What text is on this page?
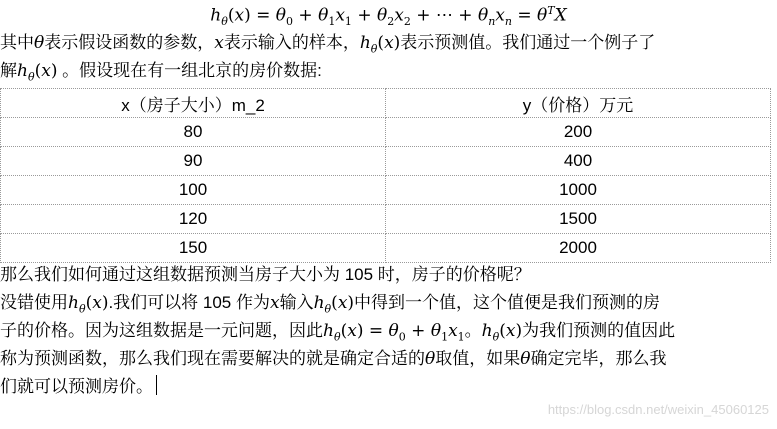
$h_\theta(x) = \theta_0 + \theta_1x_1 + \theta_2x_2$ + ⋯ + $\theta_nx_n = \theta^TX$
其中θ表示假设函数的参数，x表示输入的样本，$h_\theta(x)$表示预测值。我们通过一个例子了
解$h_\theta(x)$ 。假设现在有一组北京的房价数据:
x（房子大小）m_2	y（价格）万元
80	200
90	400
100	1000
120	1500
150	2000
那么我们如何通过这组数据预测当房子大小为 105 时，房子的价格呢？
没错使用$h_\theta(x)$.我们可以将 105 作为x输入$h_\theta(x)$中得到一个值，这个值便是我们预测的房
子的价格。因为这组数据是一元问题，因此$h_\theta(x) = \theta_0 + \theta_1x_1$。$h_\theta(x)$为我们预测的值因此
称为预测函数，那么我们现在需要解决的就是确定合适的θ取值，如果θ确定完毕，那么我
们就可以预测房价。
https://blog.csdn.net/weixin_45060125
